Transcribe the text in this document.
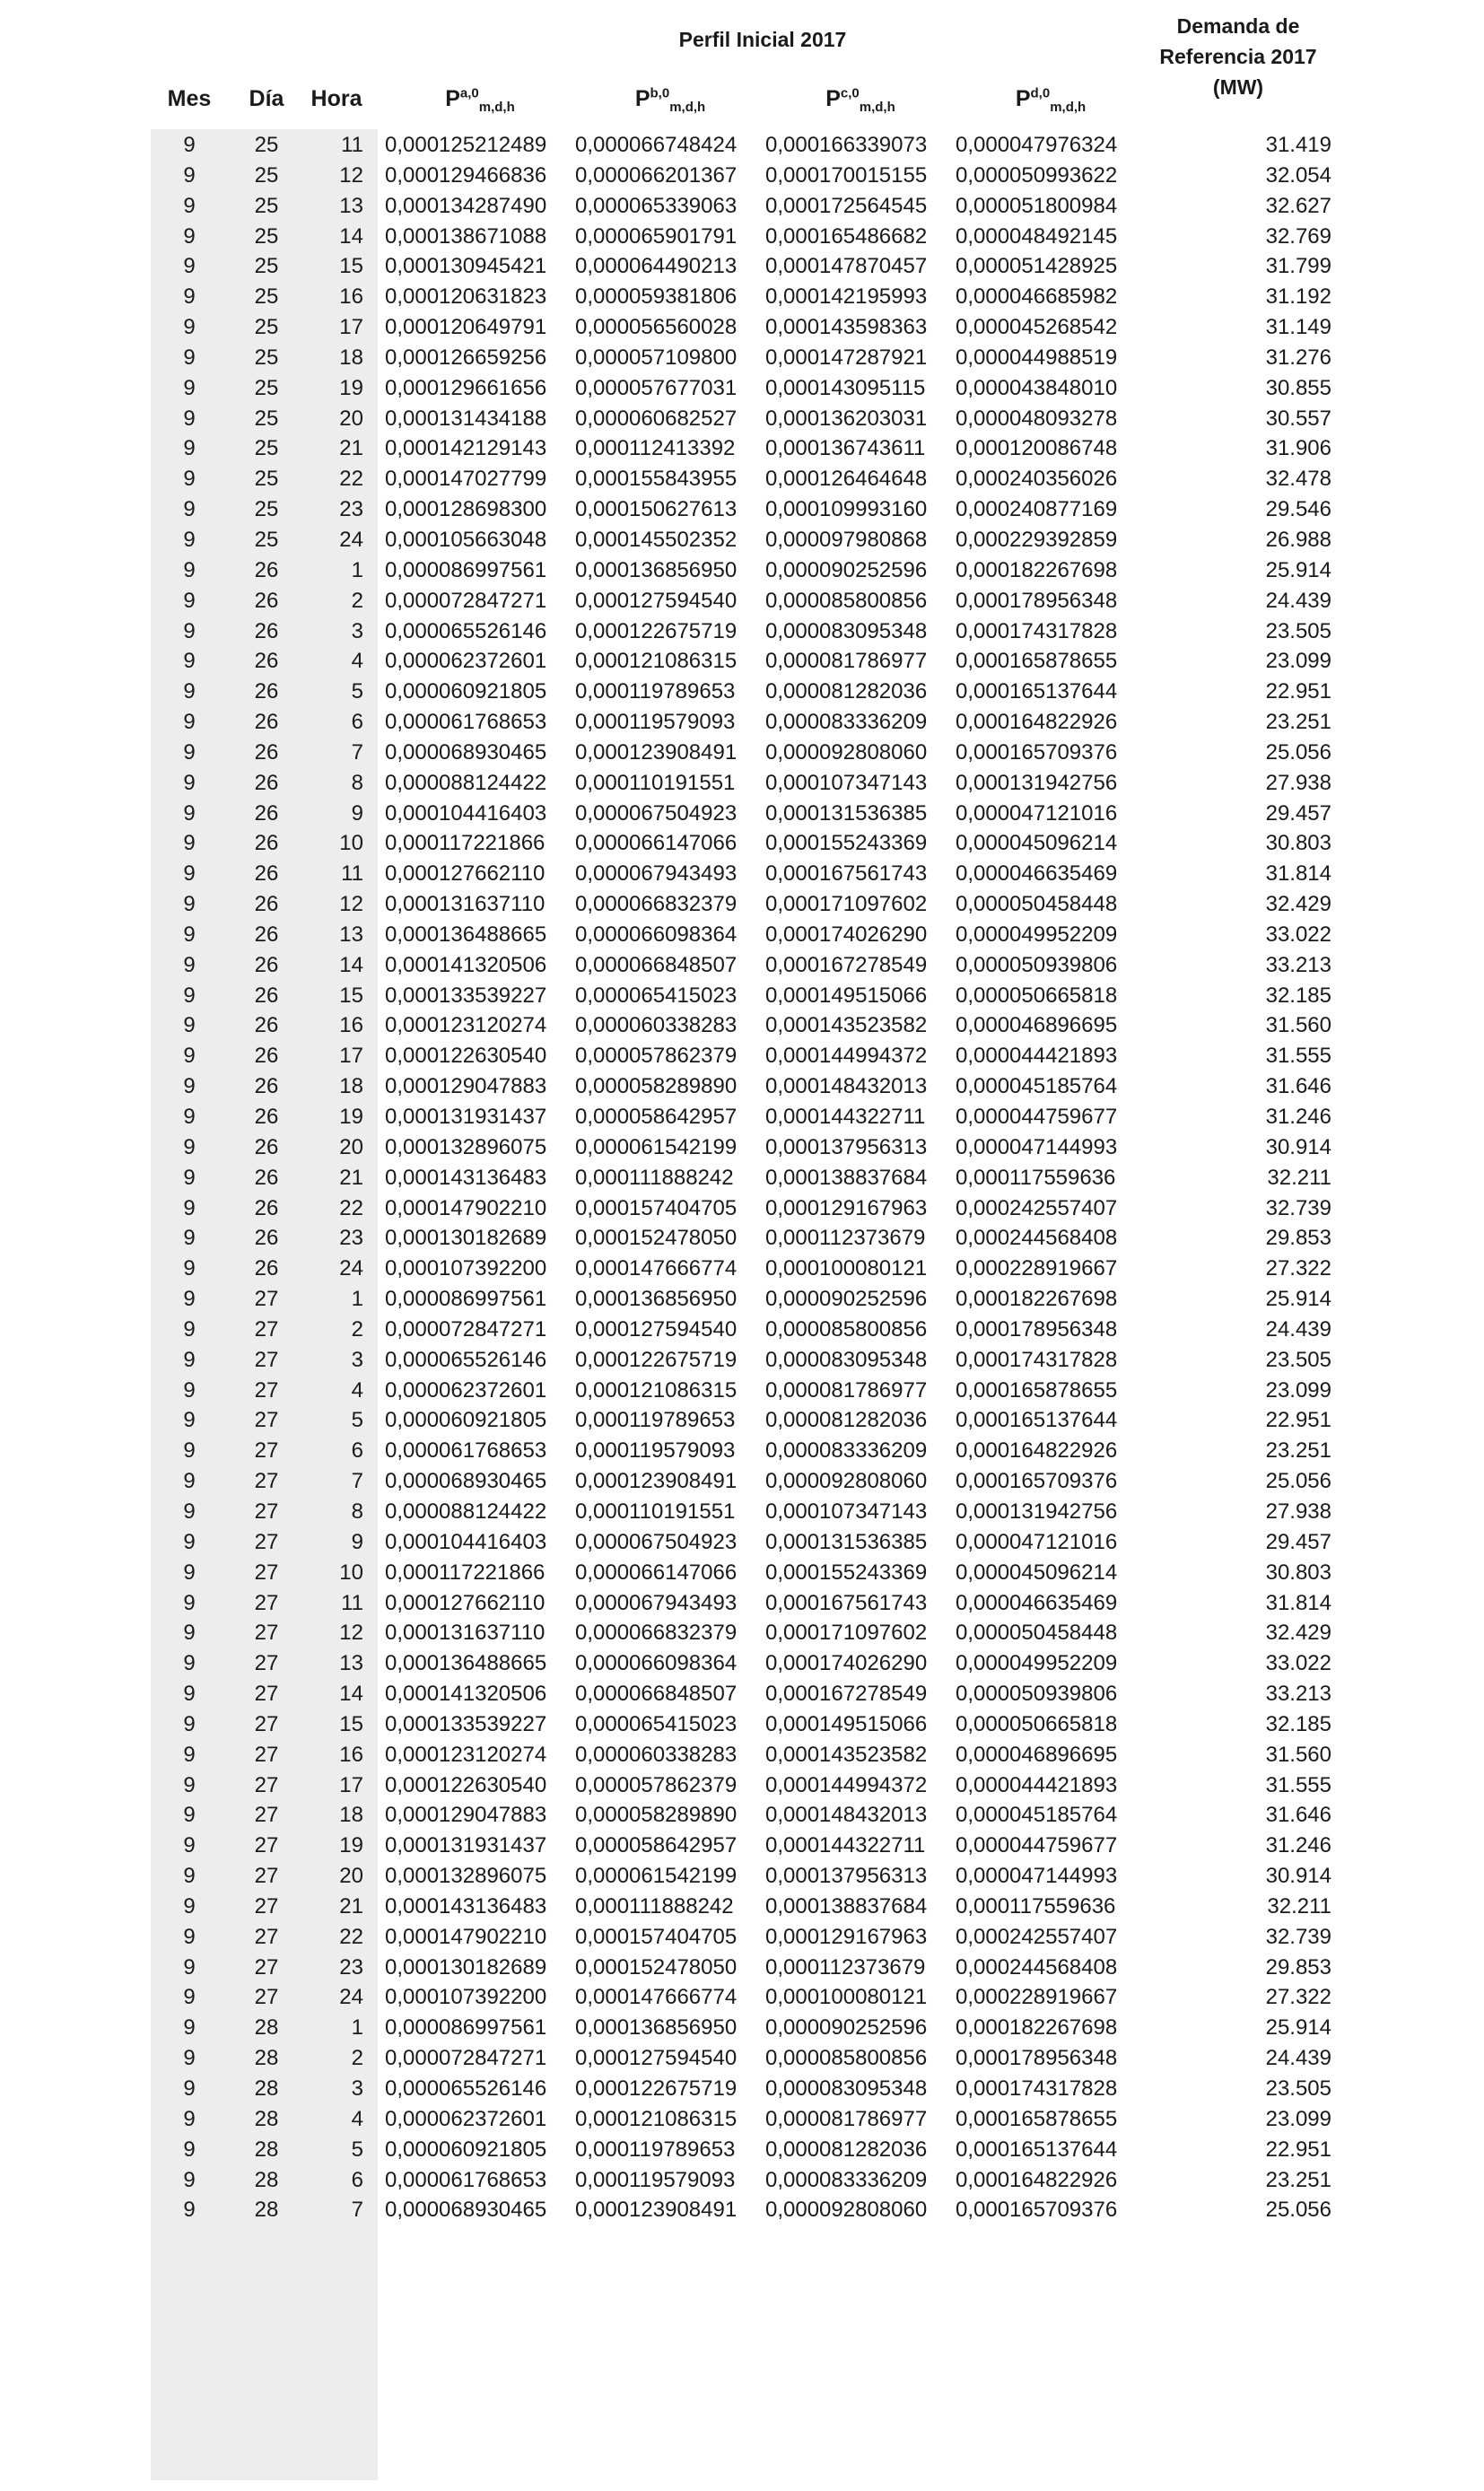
Perfil Inicial 2017
Demanda de
Referencia 2017
(MW)
Mes	Día	Hora	P$^{a,0}_{m,d,h}$	P$^{b,0}_{m,d,h}$	P$^{c,0}_{m,d,h}$	P$^{d,0}_{m,d,h}$
9	25	11 0,000125212489	0,000066748424	0,000166339073	0,000047976324	31.419
9	25	12 0,000129466836	0,000066201367	0,000170015155	0,000050993622	32.054
9	25	13 0,000134287490	0,000065339063	0,000172564545	0,000051800984	32.627
9	25	14 0,000138671088	0,000065901791	0,000165486682	0,000048492145	32.769
9	25	15 0,000130945421	0,000064490213	0,000147870457	0,000051428925	31.799
9	25	16 0,000120631823	0,000059381806	0,000142195993	0,000046685982	31.192
9	25	17 0,000120649791	0,000056560028	0,000143598363	0,000045268542	31.149
9	25	18 0,000126659256	0,000057109800	0,000147287921	0,000044988519	31.276
9	25	19 0,000129661656	0,000057677031	0,000143095115	0,000043848010	30.855
9	25	20 0,000131434188	0,000060682527	0,000136203031	0,000048093278	30.557
9	25	21 0,000142129143	0,000112413392	0,000136743611	0,000120086748	31.906
9	25	22 0,000147027799	0,000155843955	0,000126464648	0,000240356026	32.478
9	25	23 0,000128698300	0,000150627613	0,000109993160	0,000240877169	29.546
9	25	24 0,000105663048	0,000145502352	0,000097980868	0,000229392859	26.988
9	26	1 0,000086997561	0,000136856950	0,000090252596	0,000182267698	25.914
9	26	2 0,000072847271	0,000127594540	0,000085800856	0,000178956348	24.439
9	26	3 0,000065526146	0,000122675719	0,000083095348	0,000174317828	23.505
9	26	4 0,000062372601	0,000121086315	0,000081786977	0,000165878655	23.099
9	26	5 0,000060921805	0,000119789653	0,000081282036	0,000165137644	22.951
9	26	6 0,000061768653	0,000119579093	0,000083336209	0,000164822926	23.251
9	26	7 0,000068930465	0,000123908491	0,000092808060	0,000165709376	25.056
9	26	8 0,000088124422	0,000110191551	0,000107347143	0,000131942756	27.938
9	26	9 0,000104416403	0,000067504923	0,000131536385	0,000047121016	29.457
9	26	10 0,000117221866	0,000066147066	0,000155243369	0,000045096214	30.803
9	26	11 0,000127662110	0,000067943493	0,000167561743	0,000046635469	31.814
9	26	12 0,000131637110	0,000066832379	0,000171097602	0,000050458448	32.429
9	26	13 0,000136488665	0,000066098364	0,000174026290	0,000049952209	33.022
9	26	14 0,000141320506	0,000066848507	0,000167278549	0,000050939806	33.213
9	26	15 0,000133539227	0,000065415023	0,000149515066	0,000050665818	32.185
9	26	16 0,000123120274	0,000060338283	0,000143523582	0,000046896695	31.560
9	26	17 0,000122630540	0,000057862379	0,000144994372	0,000044421893	31.555
9	26	18 0,000129047883	0,000058289890	0,000148432013	0,000045185764	31.646
9	26	19 0,000131931437	0,000058642957	0,000144322711	0,000044759677	31.246
9	26	20 0,000132896075	0,000061542199	0,000137956313	0,000047144993	30.914
9	26	21 0,000143136483	0,000111888242	0,000138837684	0,000117559636	32.211
9	26	22 0,000147902210	0,000157404705	0,000129167963	0,000242557407	32.739
9	26	23 0,000130182689	0,000152478050	0,000112373679	0,000244568408	29.853
9	26	24 0,000107392200	0,000147666774	0,000100080121	0,000228919667	27.322
9	27	1 0,000086997561	0,000136856950	0,000090252596	0,000182267698	25.914
9	27	2 0,000072847271	0,000127594540	0,000085800856	0,000178956348	24.439
9	27	3 0,000065526146	0,000122675719	0,000083095348	0,000174317828	23.505
9	27	4 0,000062372601	0,000121086315	0,000081786977	0,000165878655	23.099
9	27	5 0,000060921805	0,000119789653	0,000081282036	0,000165137644	22.951
9	27	6 0,000061768653	0,000119579093	0,000083336209	0,000164822926	23.251
9	27	7 0,000068930465	0,000123908491	0,000092808060	0,000165709376	25.056
9	27	8 0,000088124422	0,000110191551	0,000107347143	0,000131942756	27.938
9	27	9 0,000104416403	0,000067504923	0,000131536385	0,000047121016	29.457
9	27	10 0,000117221866	0,000066147066	0,000155243369	0,000045096214	30.803
9	27	11 0,000127662110	0,000067943493	0,000167561743	0,000046635469	31.814
9	27	12 0,000131637110	0,000066832379	0,000171097602	0,000050458448	32.429
9	27	13 0,000136488665	0,000066098364	0,000174026290	0,000049952209	33.022
9	27	14 0,000141320506	0,000066848507	0,000167278549	0,000050939806	33.213
9	27	15 0,000133539227	0,000065415023	0,000149515066	0,000050665818	32.185
9	27	16 0,000123120274	0,000060338283	0,000143523582	0,000046896695	31.560
9	27	17 0,000122630540	0,000057862379	0,000144994372	0,000044421893	31.555
9	27	18 0,000129047883	0,000058289890	0,000148432013	0,000045185764	31.646
9	27	19 0,000131931437	0,000058642957	0,000144322711	0,000044759677	31.246
9	27	20 0,000132896075	0,000061542199	0,000137956313	0,000047144993	30.914
9	27	21 0,000143136483	0,000111888242	0,000138837684	0,000117559636	32.211
9	27	22 0,000147902210	0,000157404705	0,000129167963	0,000242557407	32.739
9	27	23 0,000130182689	0,000152478050	0,000112373679	0,000244568408	29.853
9	27	24 0,000107392200	0,000147666774	0,000100080121	0,000228919667	27.322
9	28	1 0,000086997561	0,000136856950	0,000090252596	0,000182267698	25.914
9	28	2 0,000072847271	0,000127594540	0,000085800856	0,000178956348	24.439
9	28	3 0,000065526146	0,000122675719	0,000083095348	0,000174317828	23.505
9	28	4 0,000062372601	0,000121086315	0,000081786977	0,000165878655	23.099
9	28	5 0,000060921805	0,000119789653	0,000081282036	0,000165137644	22.951
9	28	6 0,000061768653	0,000119579093	0,000083336209	0,000164822926	23.251
9	28	7 0,000068930465	0,000123908491	0,000092808060	0,000165709376	25.056
